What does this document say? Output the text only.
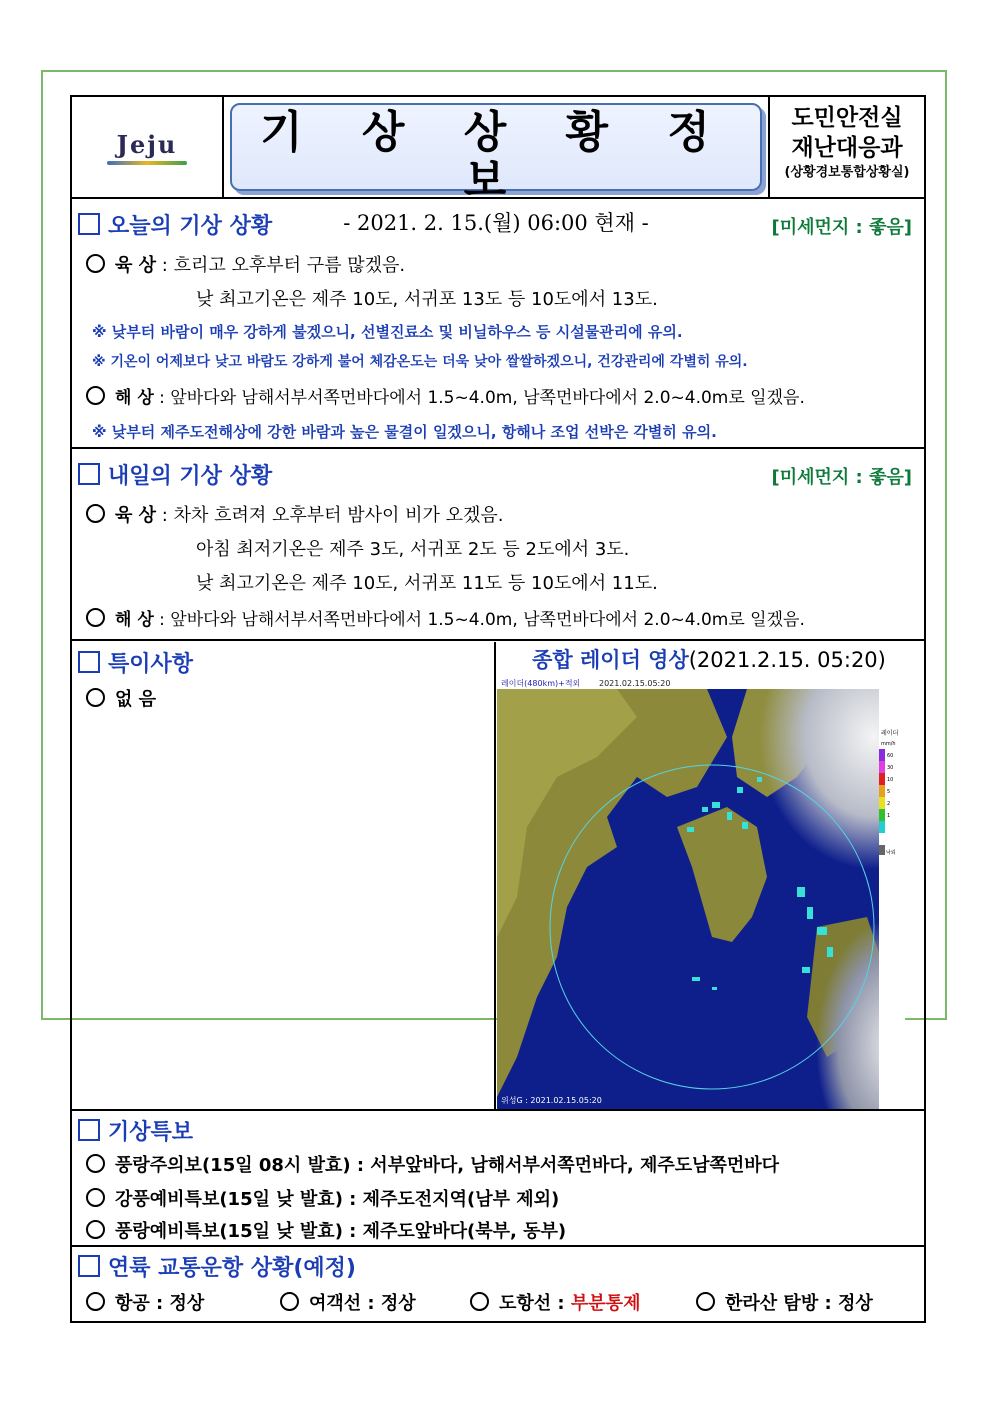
Jeju	기 상 상 황 정 보
- 2021. 2. 15.(월) 06:00 현재 -
도민안전실
재난대응과
(상황경보통합상황실)
오늘의 기상 상황	[미세먼지 : 좋음]
육 상 : 흐리고 오후부터 구름 많겠음.
낮 최고기온은 제주 10도, 서귀포 13도 등 10도에서 13도.
※ 낮부터 바람이 매우 강하게 불겠으니, 선별진료소 및 비닐하우스 등 시설물관리에 유의.
※ 기온이 어제보다 낮고 바람도 강하게 불어 체감온도는 더욱 낮아 쌀쌀하겠으니, 건강관리에 각별히 유의.
해 상 : 앞바다와 남해서부서쪽먼바다에서 1.5~4.0m, 남쪽먼바다에서 2.0~4.0m로 일겠음.
※ 낮부터 제주도전해상에 강한 바람과 높은 물결이 일겠으니, 항해나 조업 선박은 각별히 유의.
내일의 기상 상황	[미세먼지 : 좋음]
육 상 : 차차 흐려져 오후부터 밤사이 비가 오겠음.
아침 최저기온은 제주 3도, 서귀포 2도 등 2도에서 3도.
낮 최고기온은 제주 10도, 서귀포 11도 등 10도에서 11도.
해 상 : 앞바다와 남해서부서쪽먼바다에서 1.5~4.0m, 남쪽먼바다에서 2.0~4.0m로 일겠음.
특이사항
없 음
종합 레이더 영상(2021.2.15. 05:20)
레이더(480km)+적외 2021.02.15.05:20
레이더
mm/h
60
30
10
5
2
1
낙뢰
위성G : 2021.02.15.05:20
기상특보
풍랑주의보(15일 08시 발효) : 서부앞바다, 남해서부서쪽먼바다, 제주도남쪽먼바다
강풍예비특보(15일 낮 발효) : 제주도전지역(남부 제외)
풍랑예비특보(15일 낮 발효) : 제주도앞바다(북부, 동부)
연륙 교통운항 상황(예정)
항공 : 정상	여객선 : 정상	도항선 : 부분통제	한라산 탐방 : 정상
